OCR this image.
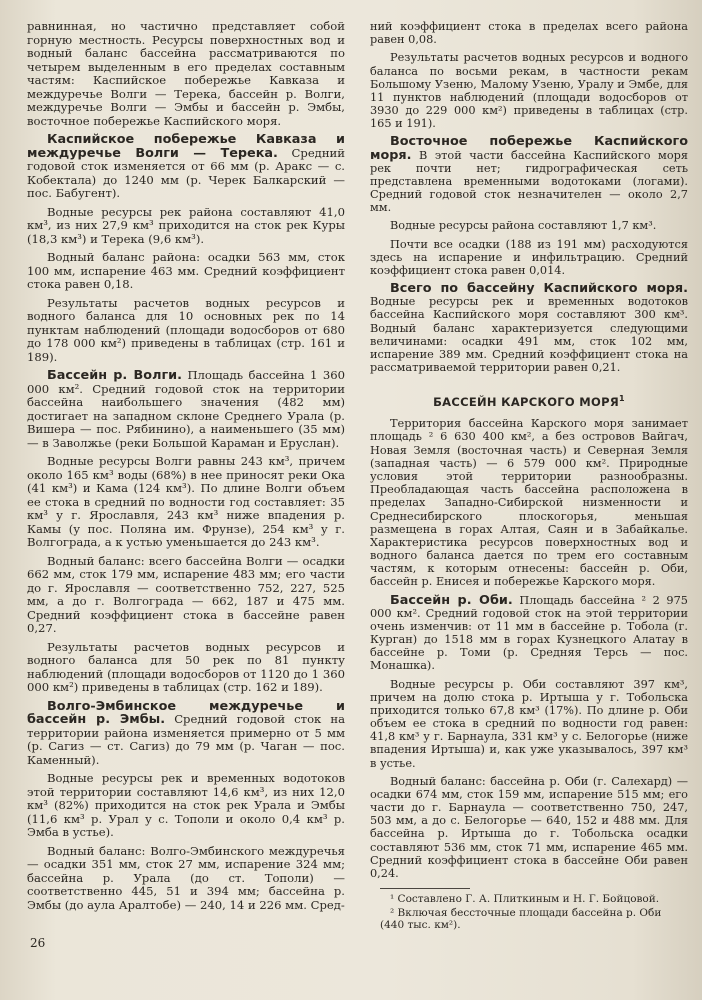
равнинная, но частично представляет собой горную местность. Ресурсы поверхностных вод и водный баланс бассейна рассматриваются по четырем выделенным в его пределах составным частям: Каспийское побережье Кавказа и междуречье Волги — Терека, бассейн р. Волги, междуречье Волги — Эмбы и бассейн р. Эмбы, восточное побережье Каспийского моря.

Каспийское побережье Кавказа и междуречье Волги — Терека. Средний годовой сток изменяется от 66 мм (р. Аракс — с. Кобектала) до 1240 мм (р. Черек Балкарский — пос. Бабугент).

Водные ресурсы рек района составляют 41,0 км³, из них 27,9 км³ приходится на сток рек Куры (18,3 км³) и Терека (9,6 км³).

Водный баланс района: осадки 563 мм, сток 100 мм, испарение 463 мм. Средний коэффициент стока равен 0,18.

Результаты расчетов водных ресурсов и водного баланса для 10 основных рек по 14 пунктам наблюдений (площади водосборов от 680 до 178 000 км²) приведены в таблицах (стр. 161 и 189).

Бассейн р. Волги. Площадь бассейна 1 360 000 км². Средний годовой сток на территории бассейна наибольшего значения (482 мм) достигает на западном склоне Среднего Урала (р. Вишера — пос. Рябинино), а наименьшего (35 мм) — в Заволжье (реки Большой Караман и Еруслан).

Водные ресурсы Волги равны 243 км³, причем около 165 км³ воды (68%) в нее приносят реки Ока (41 км³) и Кама (124 км³). По длине Волги объем ее стока в средний по водности год составляет: 35 км³ у г. Ярославля, 243 км³ ниже впадения р. Камы (у пос. Поляна им. Фрунзе), 254 км³ у г. Волгограда, а к устью уменьшается до 243 км³.

Водный баланс: всего бассейна Волги — осадки 662 мм, сток 179 мм, испарение 483 мм; его части до г. Ярославля — соответственно 752, 227, 525 мм, а до г. Волгограда — 662, 187 и 475 мм. Средний коэффициент стока в бассейне равен 0,27.

Результаты расчетов водных ресурсов и водного баланса для 50 рек по 81 пункту наблюдений (площади водосборов от 1120 до 1 360 000 км²) приведены в таблицах (стр. 162 и 189).

Волго-Эмбинское междуречье и бассейн р. Эмбы. Средний годовой сток на территории района изменяется примерно от 5 мм (р. Сагиз — ст. Сагиз) до 79 мм (р. Чаган — пос. Каменный).

Водные ресурсы рек и временных водотоков этой территории составляют 14,6 км³, из них 12,0 км³ (82%) приходится на сток рек Урала и Эмбы (11,6 км³ р. Урал у с. Тополи и около 0,4 км³ р. Эмба в устье).

Водный баланс: Волго-Эмбинского междуречья — осадки 351 мм, сток 27 мм, испарение 324 мм; бассейна р. Урала (до ст. Тополи) — соответственно 445, 51 и 394 мм; бассейна р. Эмбы (до аула Аралтобе) — 240, 14 и 226 мм. Сред-

ний коэффициент стока в пределах всего района равен 0,08.

Результаты расчетов водных ресурсов и водного баланса по восьми рекам, в частности рекам Большому Узеню, Малому Узеню, Уралу и Эмбе, для 11 пунктов наблюдений (площади водосборов от 3930 до 229 000 км²) приведены в таблицах (стр. 165 и 191).

Восточное побережье Каспийского моря. В этой части бассейна Каспийского моря рек почти нет; гидрографическая сеть представлена временными водотоками (логами). Средний годовой сток незначителен — около 2,7 мм.

Водные ресурсы района составляют 1,7 км³.

Почти все осадки (188 из 191 мм) расходуются здесь на испарение и инфильтрацию. Средний коэффициент стока равен 0,014.

Всего по бассейну Каспийского моря. Водные ресурсы рек и временных водотоков бассейна Каспийского моря составляют 300 км³. Водный баланс характеризуется следующими величинами: осадки 491 мм, сток 102 мм, испарение 389 мм. Средний коэффициент стока на рассматриваемой территории равен 0,21.

БАССЕЙН КАРСКОГО МОРЯ$^1$

Территория бассейна Карского моря занимает площадь ² 6 630 400 км², а без островов Вайгач, Новая Земля (восточная часть) и Северная Земля (западная часть) — 6 579 000 км². Природные условия этой территории разнообразны. Преобладающая часть бассейна расположена в пределах Западно-Сибирской низменности и Среднесибирского плоскогорья, меньшая размещена в горах Алтая, Саян и в Забайкалье. Характеристика ресурсов поверхностных вод и водного баланса дается по трем его составным частям, к которым отнесены: бассейн р. Оби, бассейн р. Енисея и побережье Карского моря.

Бассейн р. Оби. Площадь бассейна ² 2 975 000 км². Средний годовой сток на этой территории очень изменчив: от 11 мм в бассейне р. Тобола (г. Курган) до 1518 мм в горах Кузнецкого Алатау в бассейне р. Томи (р. Средняя Терсь — пос. Монашка).

Водные ресурсы р. Оби составляют 397 км³, причем на долю стока р. Иртыша у г. Тобольска приходится только 67,8 км³ (17%). По длине р. Оби объем ее стока в средний по водности год равен: 41,8 км³ у г. Барнаула, 331 км³ у с. Белогорье (ниже впадения Иртыша) и, как уже указывалось, 397 км³ в устье.

Водный баланс: бассейна р. Оби (г. Салехард) — осадки 674 мм, сток 159 мм, испарение 515 мм; его части до г. Барнаула — соответственно 750, 247, 503 мм, а до с. Белогорье — 640, 152 и 488 мм. Для бассейна р. Иртыша до г. Тобольска осадки составляют 536 мм, сток 71 мм, испарение 465 мм. Средний коэффициент стока в бассейне Оби равен 0,24.

¹ Составлено Г. А. Плиткиным и Н. Г. Бойцовой.

² Включая бессточные площади бассейна р. Оби (440 тыс. км²).

26
